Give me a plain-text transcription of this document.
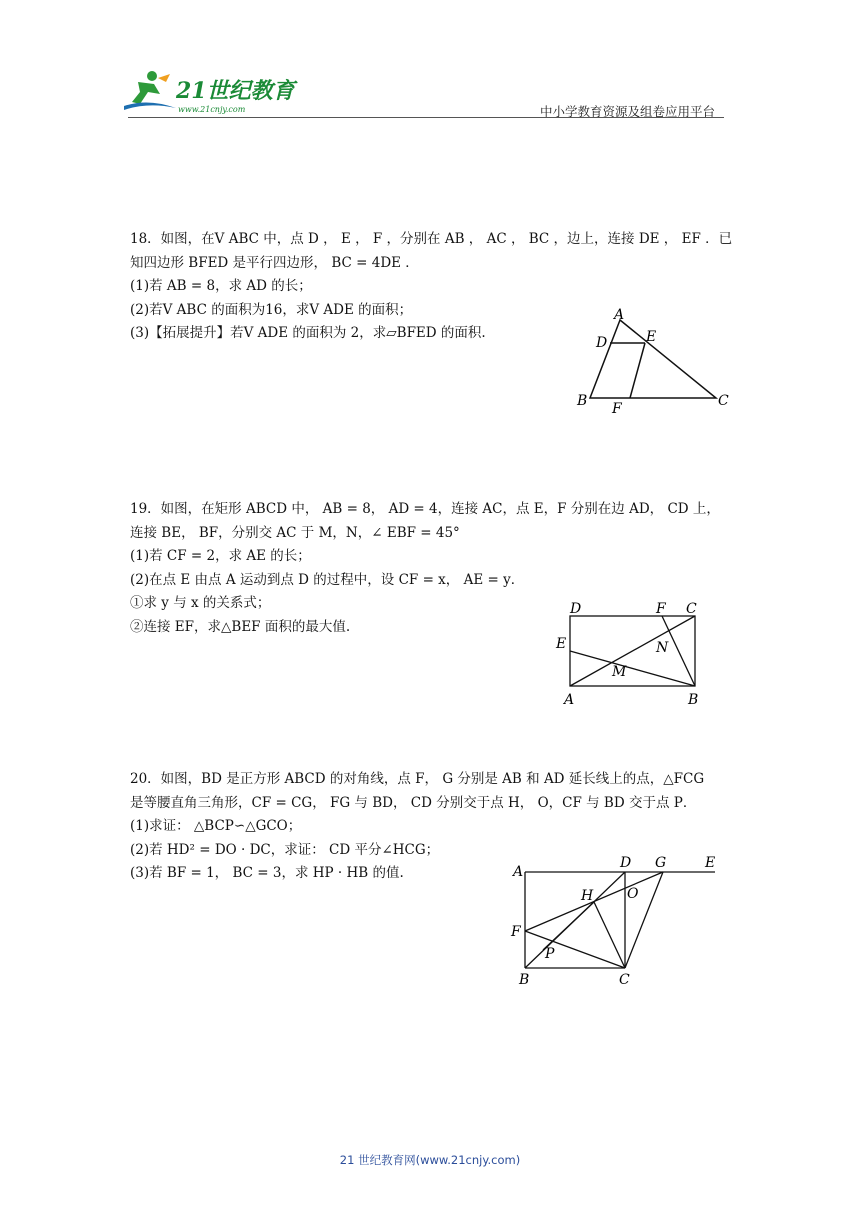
21世纪教育
www.21cnjy.com	中小学教育资源及组卷应用平台

18．如图，在V ABC 中，点 D ， E ， F ，分别在 AB ， AC ， BC ，边上，连接 DE ， EF ．已

知四边形 BFED 是平行四边形， BC = 4DE ．

(1)若 AB = 8，求 AD 的长；

(2)若V ABC 的面积为16，求V ADE 的面积；

(3)【拓展提升】若V ADE 的面积为 2，求▱BFED 的面积.

A
D	E
B F	C

19．如图，在矩形 ABCD 中， AB = 8， AD = 4，连接 AC，点 E，F 分别在边 AD， CD 上，

连接 BE， BF，分别交 AC 于 M，N，∠ EBF = 45°

(1)若 CF = 2，求 AE 的长；

(2)在点 E 由点 A 运动到点 D 的过程中，设 CF = x， AE = y．

①求 y 与 x 的关系式；

②连接 EF，求△BEF 面积的最大值.

D	F C
E	N
M
A	B

20．如图，BD 是正方形 ABCD 的对角线，点 F， G 分别是 AB 和 AD 延长线上的点，△FCG

是等腰直角三角形，CF = CG， FG 与 BD， CD 分别交于点 H， O，CF 与 BD 交于点 P．

(1)求证： △BCP∽△GCO；

(2)若 HD² = DO · DC，求证： CD 平分∠HCG；

(3)若 BF = 1， BC = 3，求 HP · HB 的值.	A
D G	E
H O
F
P
B	C
21 世纪教育网(www.21cnjy.com)
